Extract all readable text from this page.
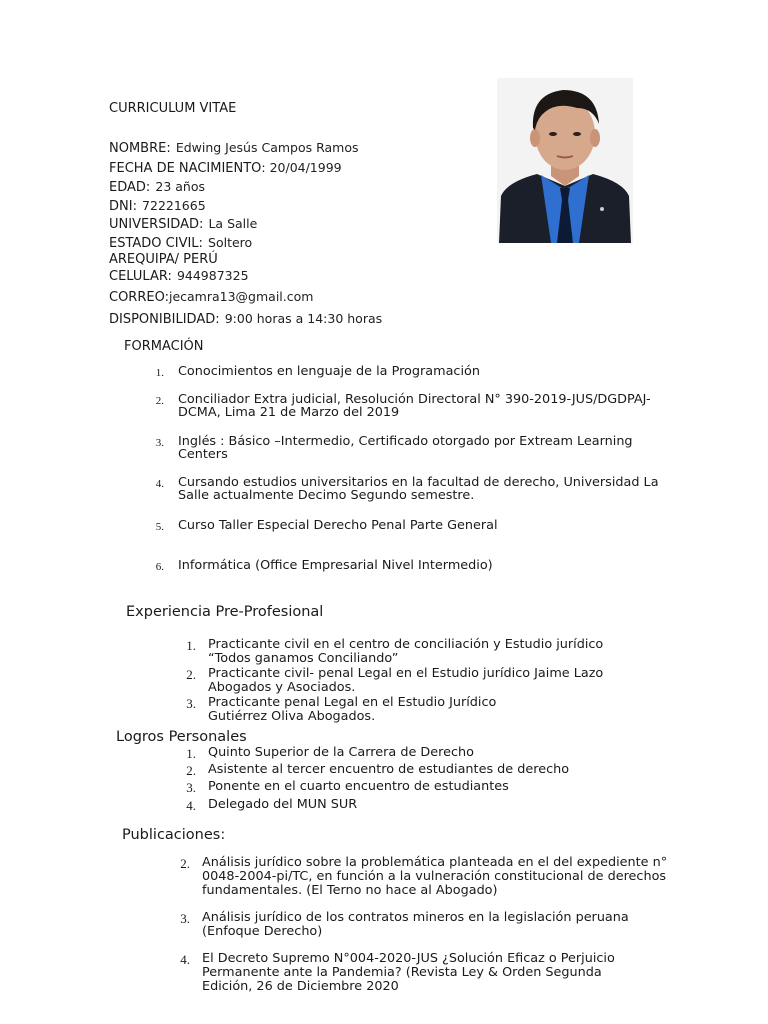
CURRICULUM VITAE
NOMBRE: Edwing Jesús Campos Ramos
FECHA DE NACIMIENTO: 20/04/1999
EDAD: 23 años
DNI: 72221665
UNIVERSIDAD: La Salle
ESTADO CIVIL: Soltero
AREQUIPA/ PERÚ
CELULAR: 944987325
CORREO:jecamra13@gmail.com
DISPONIBILIDAD: 9:00 horas a 14:30 horas
FORMACIÓN
1. Conocimientos en lenguaje de la Programación
2. Conciliador Extra judicial, Resolución Directoral N° 390-2019-JUS/DGDPAJ-
DCMA, Lima 21 de Marzo del 2019
3. Inglés : Básico –Intermedio, Certificado otorgado por Extream Learning
Centers
4. Cursando estudios universitarios en la facultad de derecho, Universidad La
Salle actualmente Decimo Segundo semestre.
5. Curso Taller Especial Derecho Penal Parte General
6. Informática (Office Empresarial Nivel Intermedio)
Experiencia Pre-Profesional
1. Practicante civil en el centro de conciliación y Estudio jurídico
“Todos ganamos Conciliando”
2. Practicante civil- penal Legal en el Estudio jurídico Jaime Lazo
Abogados y Asociados.
3. Practicante penal Legal en el Estudio Jurídico
Gutiérrez Oliva Abogados.
Logros Personales
1. Quinto Superior de la Carrera de Derecho
2. Asistente al tercer encuentro de estudiantes de derecho
3. Ponente en el cuarto encuentro de estudiantes
4. Delegado del MUN SUR
Publicaciones:
2. Análisis jurídico sobre la problemática planteada en el del expediente n°
0048-2004-pi/TC, en función a la vulneración constitucional de derechos
fundamentales. (El Terno no hace al Abogado)
3. Análisis jurídico de los contratos mineros en la legislación peruana
(Enfoque Derecho)
4. El Decreto Supremo N°004-2020-JUS ¿Solución Eficaz o Perjuicio
Permanente ante la Pandemia? (Revista Ley & Orden Segunda
Edición, 26 de Diciembre 2020
